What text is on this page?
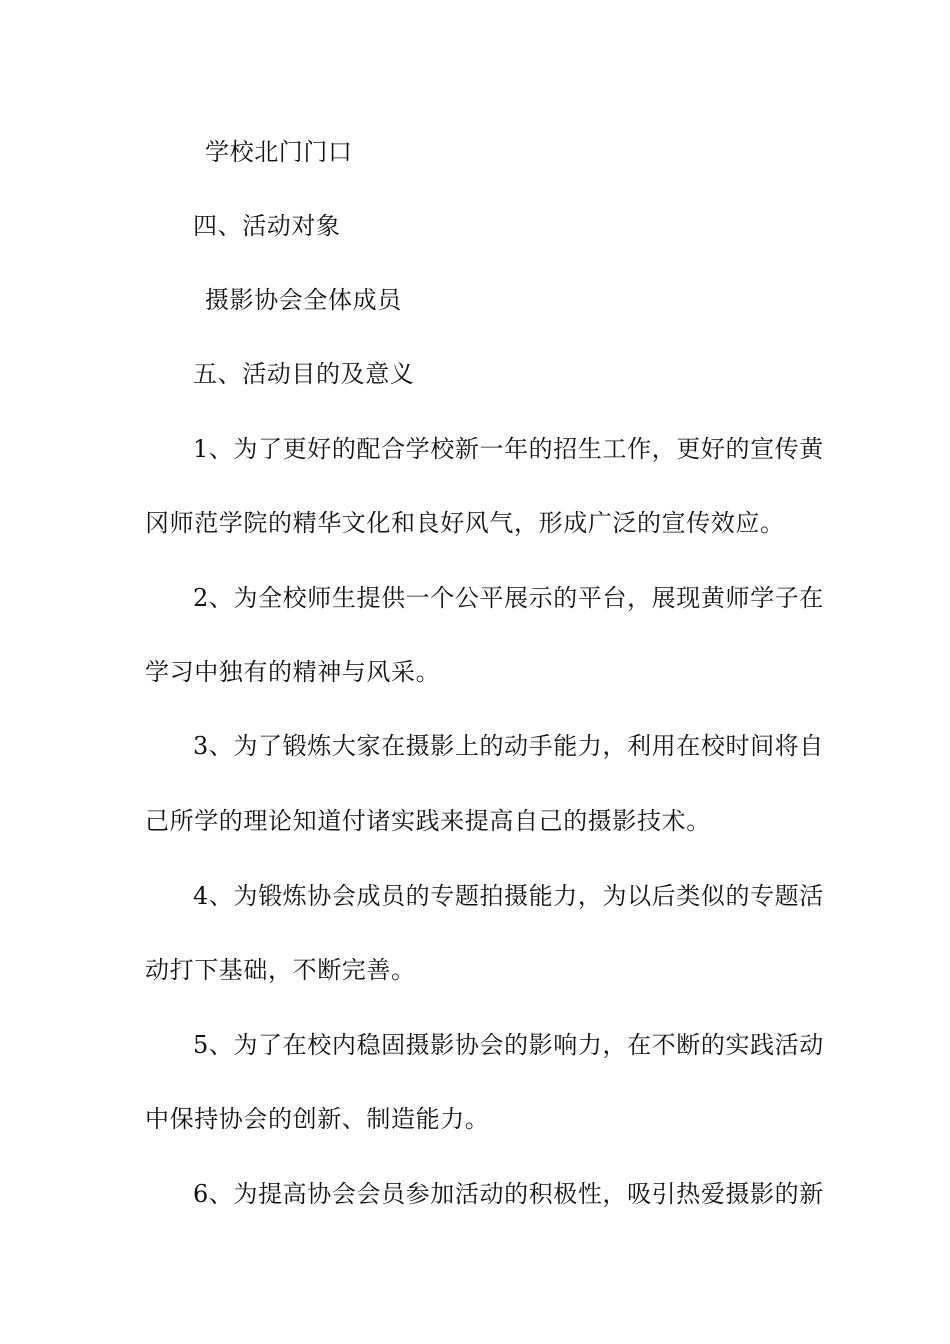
学校北门门口
四、活动对象
摄影协会全体成员
五、活动目的及意义
1、为了更好的配合学校新一年的招生工作，更好的宣传黄
冈师范学院的精华文化和良好风气，形成广泛的宣传效应。
2、为全校师生提供一个公平展示的平台，展现黄师学子在
学习中独有的精神与风采。
3、为了锻炼大家在摄影上的动手能力，利用在校时间将自
己所学的理论知道付诸实践来提高自己的摄影技术。
4、为锻炼协会成员的专题拍摄能力，为以后类似的专题活
动打下基础，不断完善。
5、为了在校内稳固摄影协会的影响力，在不断的实践活动
中保持协会的创新、制造能力。
6、为提高协会会员参加活动的积极性，吸引热爱摄影的新
